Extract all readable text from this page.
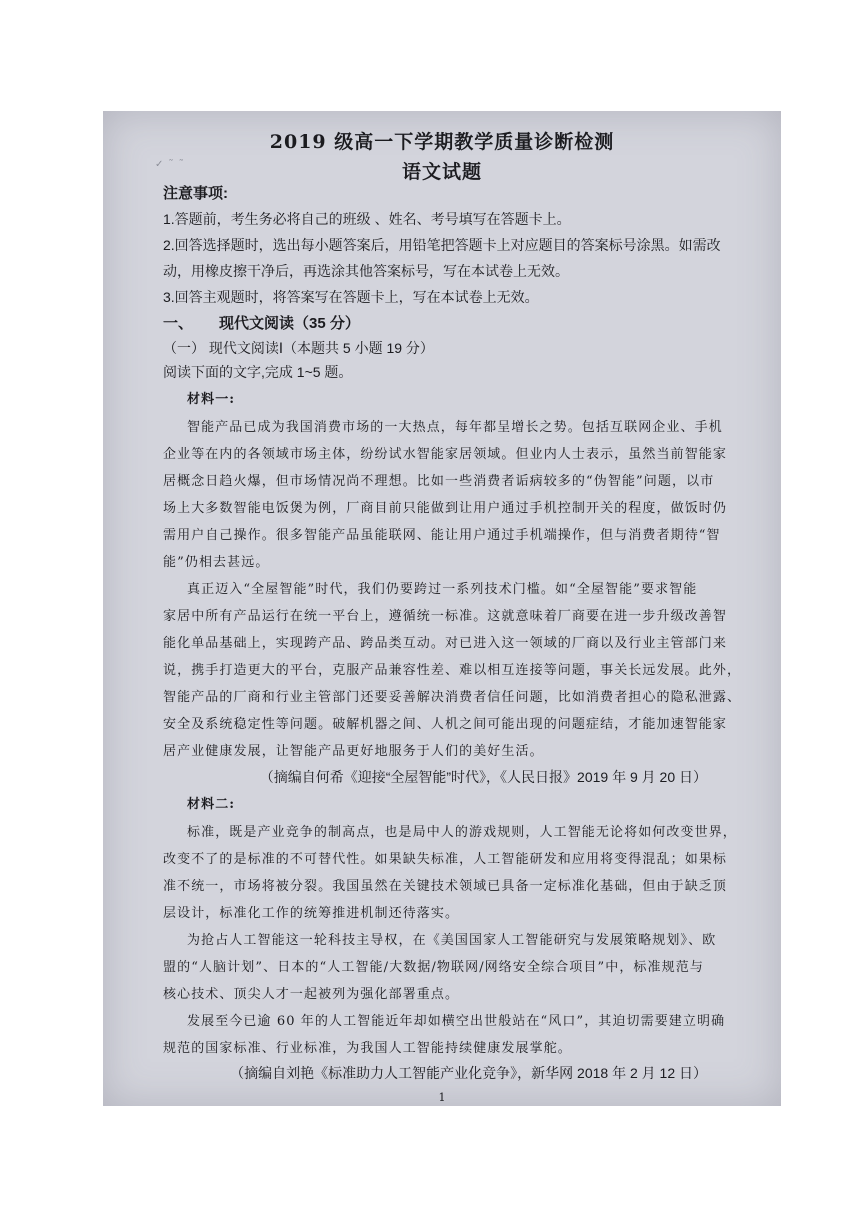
✓ ˜ ˜
2019 级高一下学期教学质量诊断检测
语文试题
注意事项:
1.答题前，考生务必将自己的班级 、姓名、考号填写在答题卡上。
2.回答选择题时，选出每小题答案后，用铅笔把答题卡上对应题目的答案标号涂黑。如需改
动，用橡皮擦干净后，再选涂其他答案标号，写在本试卷上无效。
3.回答主观题时，将答案写在答题卡上，写在本试卷上无效。
一、 现代文阅读（35 分）
（一） 现代文阅读Ⅰ（本题共 5 小题 19 分）
阅读下面的文字,完成 1~5 题。
材料一:
智能产品已成为我国消费市场的一大热点，每年都呈增长之势。包括互联网企业、手机
企业等在内的各领域市场主体，纷纷试水智能家居领域。但业内人士表示，虽然当前智能家
居概念日趋火爆，但市场情况尚不理想。比如一些消费者诟病较多的“伪智能”问题，以市
场上大多数智能电饭煲为例，厂商目前只能做到让用户通过手机控制开关的程度，做饭时仍
需用户自己操作。很多智能产品虽能联网、能让用户通过手机端操作，但与消费者期待“智
能”仍相去甚远。
真正迈入“全屋智能”时代，我们仍要跨过一系列技术门槛。如“全屋智能”要求智能
家居中所有产品运行在统一平台上，遵循统一标准。这就意味着厂商要在进一步升级改善智
能化单品基础上，实现跨产品、跨品类互动。对已进入这一领域的厂商以及行业主管部门来
说，携手打造更大的平台，克服产品兼容性差、难以相互连接等问题，事关长远发展。此外，
智能产品的厂商和行业主管部门还要妥善解决消费者信任问题，比如消费者担心的隐私泄露、
安全及系统稳定性等问题。破解机器之间、人机之间可能出现的问题症结，才能加速智能家
居产业健康发展，让智能产品更好地服务于人们的美好生活。
（摘编自何希《迎接“全屋智能”时代》，《人民日报》2019 年 9 月 20 日）
材料二:
标准，既是产业竞争的制高点，也是局中人的游戏规则，人工智能无论将如何改变世界，
改变不了的是标准的不可替代性。如果缺失标准，人工智能研发和应用将变得混乱；如果标
准不统一，市场将被分裂。我国虽然在关键技术领域已具备一定标准化基础，但由于缺乏顶
层设计，标准化工作的统筹推进机制还待落实。
为抢占人工智能这一轮科技主导权，在《美国国家人工智能研究与发展策略规划》、欧
盟的“人脑计划”、日本的“人工智能/大数据/物联网/网络安全综合项目”中，标准规范与
核心技术、顶尖人才一起被列为强化部署重点。
发展至今已逾 60 年的人工智能近年却如横空出世般站在“风口”，其迫切需要建立明确
规范的国家标准、行业标准，为我国人工智能持续健康发展掌舵。
（摘编自刘艳《标准助力人工智能产业化竞争》，新华网 2018 年 2 月 12 日）
1
